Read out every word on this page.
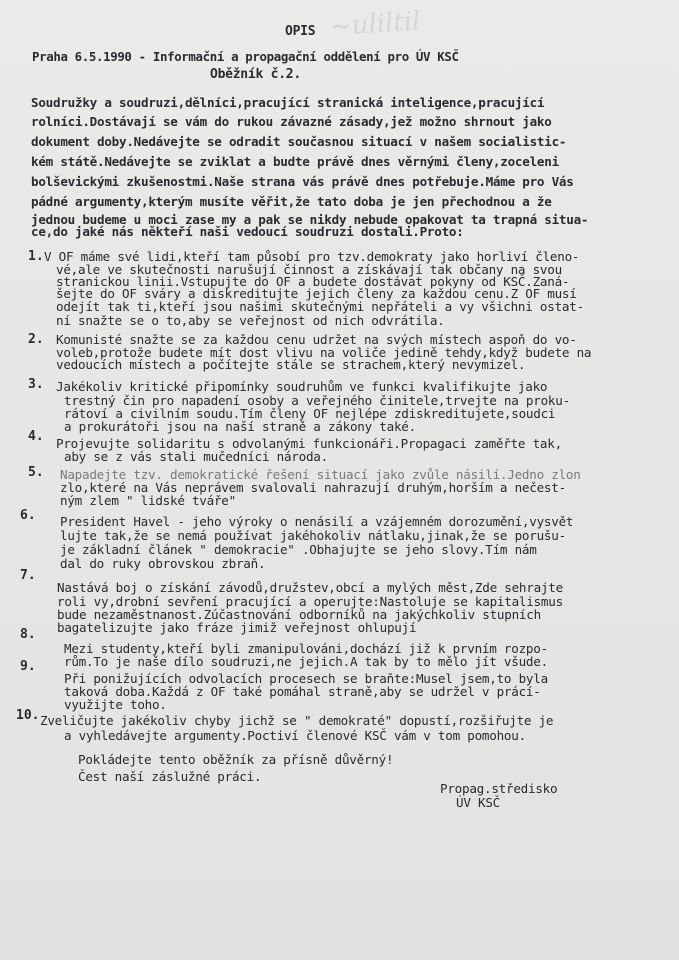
~ul​ilt​il
OPIS
Praha 6.5.1990 - Informační a propagační oddělení pro ÚV KSČ
Oběžník č.2.
Soudružky a soudruzi,dělníci,pracující stranická inteligence,pracující
rolníci.Dostávají se vám do rukou závazné zásady,jež možno shrnout jako
dokument doby.Nedávejte se odradit současnou situací v našem socialistic-
kém státě.Nedávejte se zviklat a budte právě dnes věrnými členy,zoceleni
bolševickými zkušenostmi.Naše strana vás právě dnes potřebuje.Máme pro Vás
pádné argumenty,kterým musíte věřit,že tato doba je jen přechodnou a že
jednou budeme u moci zase my a pak se nikdy nebude opakovat ta trapná situa-
ce,do jaké nás někteří naši vedoucí soudruzi dostali.Proto:
1. V OF máme své lidi,kteří tam působí pro tzv.demokraty jako horliví členo-
vé,ale ve skutečnosti narušují činnost a získávají tak občany na svou
stranickou linii.Vstupujte do OF a budete dostávat pokyny od KSČ.Zaná-
šejte do OF sváry a diskreditujte jejich členy za každou cenu.Z OF musí
odejít tak ti,kteří jsou našimi skutečnými nepřáteli a vy všichni ostat-
ní snažte se o to,aby se veřejnost od nich odvrátila.
2. Komunisté snažte se za každou cenu udržet na svých místech aspoň do vo-
voleb,protože budete mít dost vlivu na voliče jedině tehdy,když budete na
vedoucích místech a počítejte stále se strachem,který nevymizel.
3. Jakékoliv kritické připomínky soudruhům ve funkci kvalifikujte jako
trestný čin pro napadení osoby a veřejného činitele,trvejte na proku-
rátoví a civilním soudu.Tím členy OF nejlépe zdiskreditujete,soudci
a prokurátoři jsou na naší straně a zákony také.
4. Projevujte solidaritu s odvolanými funkcionáři.Propagaci zaměřte tak,
aby se z vás stali mučedníci národa.
5. Napadejte tzv. demokratické řešení situací jako zvůle násilí.Jedno zlon
zlo,které na Vás neprávem svalovali nahrazují druhým,horším a nečest-
ným zlem " lidské tváře"
6. President Havel - jeho výroky o nenásilí a vzájemném dorozumění,vysvět
lujte tak,že se nemá používat jakéhokoliv nátlaku,jinak,že se porušu-
je základní článek " demokracie" .Obhajujte se jeho slovy.Tím nám
dal do ruky obrovskou zbraň.
7.
Nastává boj o získání závodů,družstev,obcí a mylých měst,Zde sehrajte
roli vy,drobní sevření pracující a operujte:Nastoluje se kapitalismus
bude nezaměstnanost.Zúčastnování odborníků na jakýchkoliv stupních
bagatelizujte jako fráze jimiž veřejnost ohlupují
8.
Mezi studenty,kteří byli zmanipulováni,dochází již k prvním rozpo-
rům.To je naše dílo soudruzi,ne jejich.A tak by to mělo jít všude.
9.
Při ponižujících odvolacích procesech se braňte:Musel jsem,to byla
taková doba.Každá z OF také pomáhal straně,aby se udržel v prácí-
využijte toho.
10. Zveličujte jakékoliv chyby jichž se " demokraté" dopustí,rozšiřujte je
a vyhledávejte argumenty.Poctiví členové KSČ vám v tom pomohou.
Pokládejte tento oběžník za přísně důvěrný!
Čest naší záslužné práci.
Propag.středisko
ÚV KSČ
